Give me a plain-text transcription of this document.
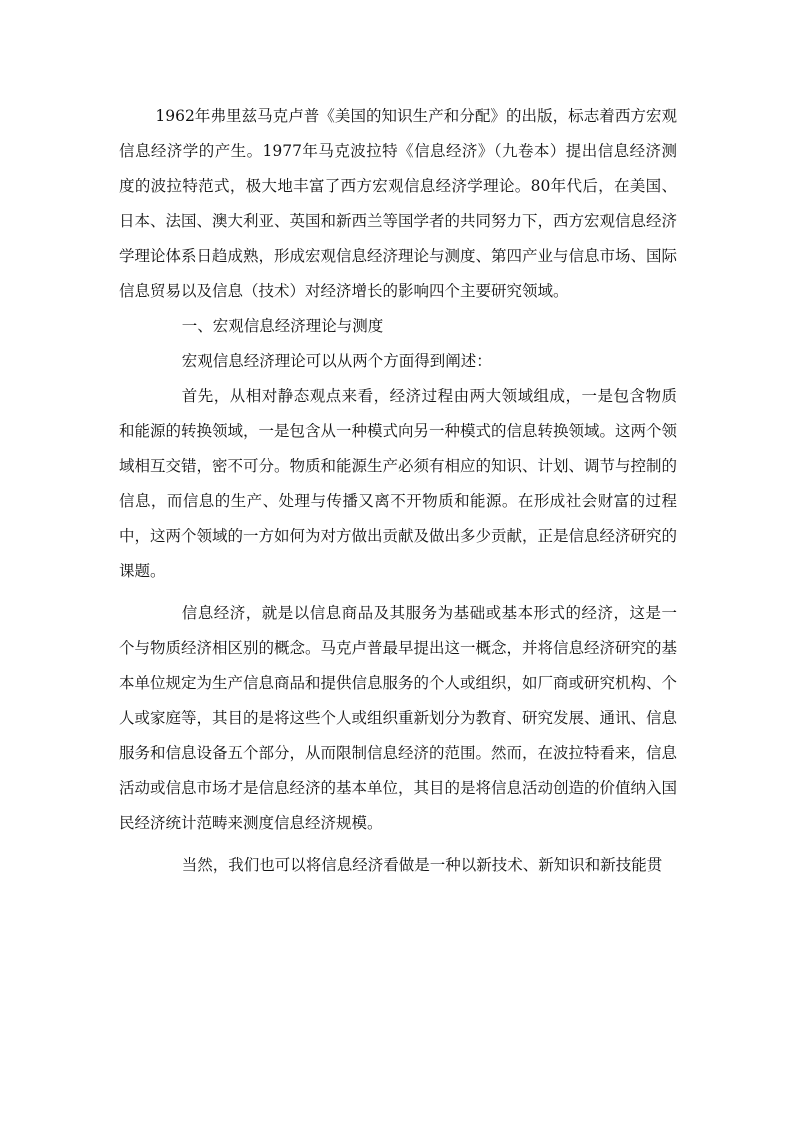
1962年弗里兹马克卢普《美国的知识生产和分配》的出版，标志着西方宏观信息经济学的产生。1977年马克波拉特《信息经济》（九卷本）提出信息经济测度的波拉特范式，极大地丰富了西方宏观信息经济学理论。80年代后，在美国、日本、法国、澳大利亚、英国和新西兰等国学者的共同努力下，西方宏观信息经济学理论体系日趋成熟，形成宏观信息经济理论与测度、第四产业与信息市场、国际信息贸易以及信息（技术）对经济增长的影响四个主要研究领域。

一、宏观信息经济理论与测度

宏观信息经济理论可以从两个方面得到阐述：

首先，从相对静态观点来看，经济过程由两大领域组成，一是包含物质和能源的转换领域，一是包含从一种模式向另一种模式的信息转换领域。这两个领域相互交错，密不可分。物质和能源生产必须有相应的知识、计划、调节与控制的信息，而信息的生产、处理与传播又离不开物质和能源。在形成社会财富的过程中，这两个领域的一方如何为对方做出贡献及做出多少贡献，正是信息经济研究的课题。

信息经济，就是以信息商品及其服务为基础或基本形式的经济，这是一个与物质经济相区别的概念。马克卢普最早提出这一概念，并将信息经济研究的基本单位规定为生产信息商品和提供信息服务的个人或组织，如厂商或研究机构、个人或家庭等，其目的是将这些个人或组织重新划分为教育、研究发展、通讯、信息服务和信息设备五个部分，从而限制信息经济的范围。然而，在波拉特看来，信息活动或信息市场才是信息经济的基本单位，其目的是将信息活动创造的价值纳入国民经济统计范畴来测度信息经济规模。

当然，我们也可以将信息经济看做是一种以新技术、新知识和新技能贯
